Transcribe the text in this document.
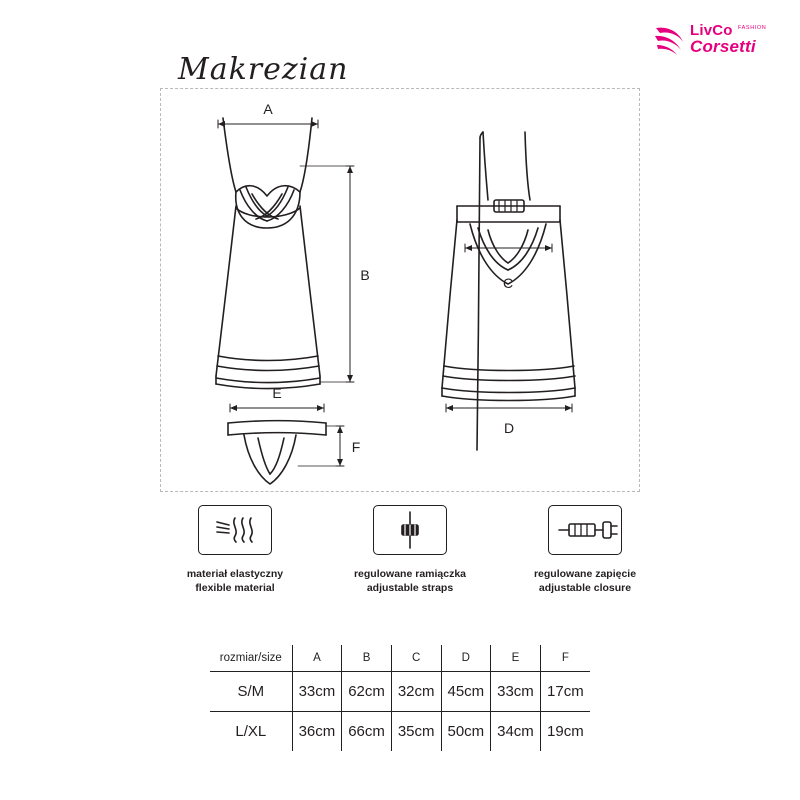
LivCo FASHION
Corsetti
Makrezian
A
B	C
D
E
F
materiał elastyczny
flexible material
regulowane ramiączka
adjustable straps
regulowane zapięcie
adjustable closure
rozmiar/size	A	B	C	D	E	F
S/M	33cm	62cm	32cm	45cm	33cm	17cm
L/XL	36cm	66cm	35cm	50cm	34cm	19cm
